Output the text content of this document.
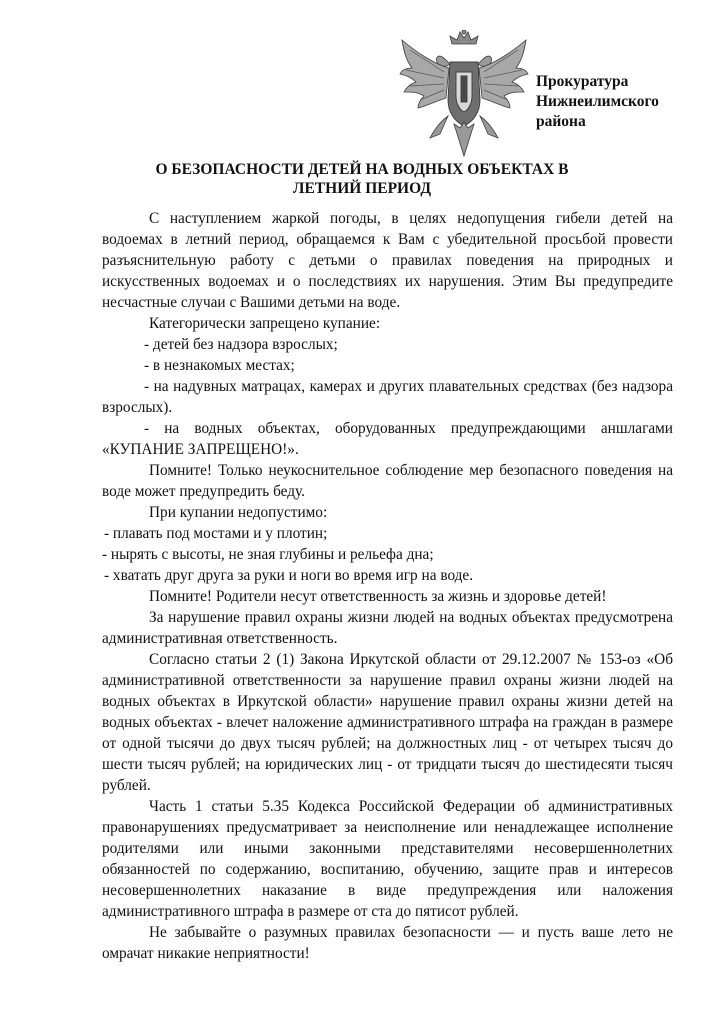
Прокуратура
Нижнеилимского
района
О БЕЗОПАСНОСТИ ДЕТЕЙ НА ВОДНЫХ ОБЪЕКТАХ В
ЛЕТНИЙ ПЕРИОД

С наступлением жаркой погоды, в целях недопущения гибели детей на водоемах в летний период, обращаемся к Вам с убедительной просьбой провести разъяснительную работу с детьми о правилах поведения на природных и искусственных водоемах и о последствиях их нарушения. Этим Вы предупредите несчастные случаи с Вашими детьми на воде.

Категорически запрещено купание:

- детей без надзора взрослых;

- в незнакомых местах;

- на надувных матрацах, камерах и других плавательных средствах (без надзора взрослых).

- на водных объектах, оборудованных предупреждающими аншлагами «КУПАНИЕ ЗАПРЕЩЕНО!».

Помните! Только неукоснительное соблюдение мер безопасного поведения на воде может предупредить беду.

При купании недопустимо:

- плавать под мостами и у плотин;

- нырять с высоты, не зная глубины и рельефа дна;

- хватать друг друга за руки и ноги во время игр на воде.

Помните! Родители несут ответственность за жизнь и здоровье детей!

За нарушение правил охраны жизни людей на водных объектах предусмотрена административная ответственность.

Согласно статьи 2 (1) Закона Иркутской области от 29.12.2007 № 153-оз «Об административной ответственности за нарушение правил охраны жизни людей на водных объектах в Иркутской области» нарушение правил охраны жизни детей на водных объектах - влечет наложение административного штрафа на граждан в размере от одной тысячи до двух тысяч рублей; на должностных лиц - от четырех тысяч до шести тысяч рублей; на юридических лиц - от тридцати тысяч до шестидесяти тысяч рублей.

Часть 1 статьи 5.35 Кодекса Российской Федерации об административных правонарушениях предусматривает за неисполнение или ненадлежащее исполнение родителями или иными законными представителями несовершеннолетних обязанностей по содержанию, воспитанию, обучению, защите прав и интересов несовершеннолетних наказание в виде предупреждения или наложения административного штрафа в размере от ста до пятисот рублей.

Не забывайте о разумных правилах безопасности — и пусть ваше лето не омрачат никакие неприятности!
